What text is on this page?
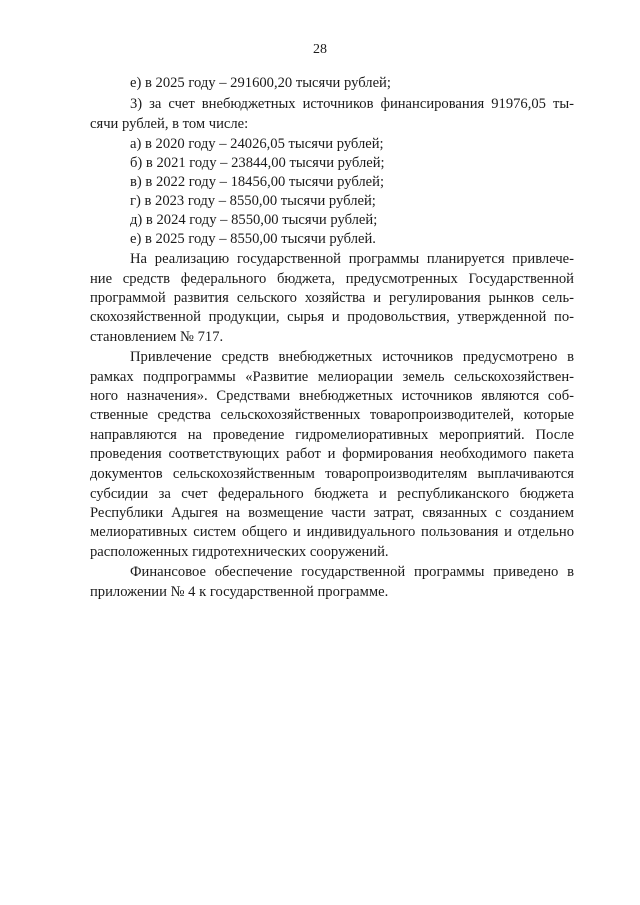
28
е) в 2025 году – 291600,20 тысячи рублей;
3) за счет внебюджетных источников финансирования 91976,05 ты-
сячи рублей, в том числе:
а) в 2020 году – 24026,05 тысячи рублей;
б) в 2021 году – 23844,00 тысячи рублей;
в) в 2022 году – 18456,00 тысячи рублей;
г) в 2023 году – 8550,00 тысячи рублей;
д) в 2024 году – 8550,00 тысячи рублей;
е) в 2025 году – 8550,00 тысячи рублей.
На реализацию государственной программы планируется привлече-
ние средств федерального бюджета, предусмотренных Государственной
программой развития сельского хозяйства и регулирования рынков сель-
скохозяйственной продукции, сырья и продовольствия, утвержденной по-
становлением № 717.
Привлечение средств внебюджетных источников предусмотрено в
рамках подпрограммы «Развитие мелиорации земель сельскохозяйствен-
ного назначения». Средствами внебюджетных источников являются соб-
ственные средства сельскохозяйственных товаропроизводителей, которые
направляются на проведение гидромелиоративных мероприятий. После
проведения соответствующих работ и формирования необходимого пакета
документов сельскохозяйственным товаропроизводителям выплачиваются
субсидии за счет федерального бюджета и республиканского бюджета
Республики Адыгея на возмещение части затрат, связанных с созданием
мелиоративных систем общего и индивидуального пользования и отдельно
расположенных гидротехнических сооружений.
Финансовое обеспечение государственной программы приведено в
приложении № 4 к государственной программе.
